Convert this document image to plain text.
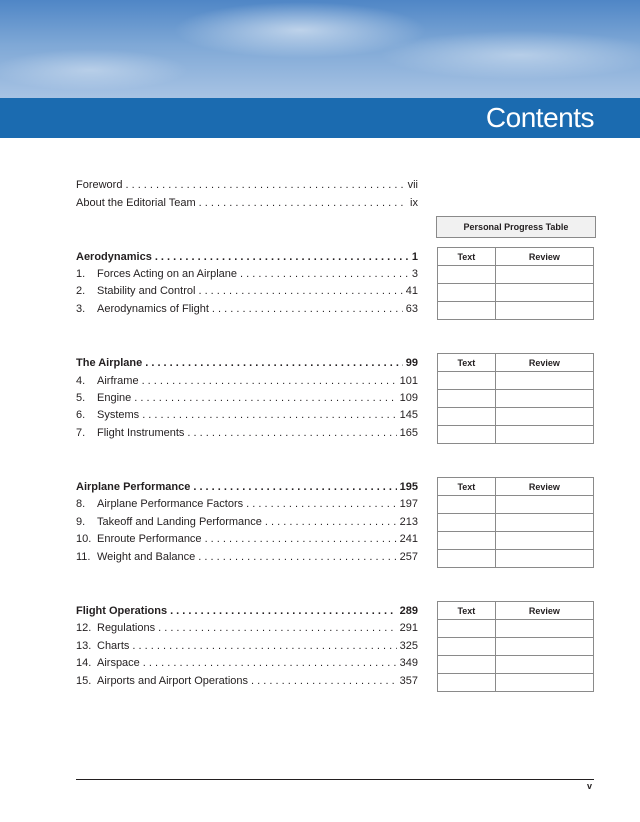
Contents
Foreword . . .	vii
About the Editorial Team . . .	ix
Personal Progress Table
Aerodynamics . . .	1
1.	Forces Acting on an Airplane . . .	3
2.	Stability and Control . . .	41
3.	Aerodynamics of Flight . . .	63
Text	Review

The Airplane . . .	99
4.	Airframe . . .	101
5.	Engine . . .	109
6.	Systems . . .	145
7.	Flight Instruments . . .	165
Text	Review

Airplane Performance . . .	195
8.	Airplane Performance Factors . . .	197
9.	Takeoff and Landing Performance . . .	213
10. Enroute Performance . . .	241
11. Weight and Balance . . .	257
Text	Review

Flight Operations . . .	289
12. Regulations . . .	291
13. Charts . . .	325
14. Airspace . . .	349
15. Airports and Airport Operations . . .	357
Text	Review

v
